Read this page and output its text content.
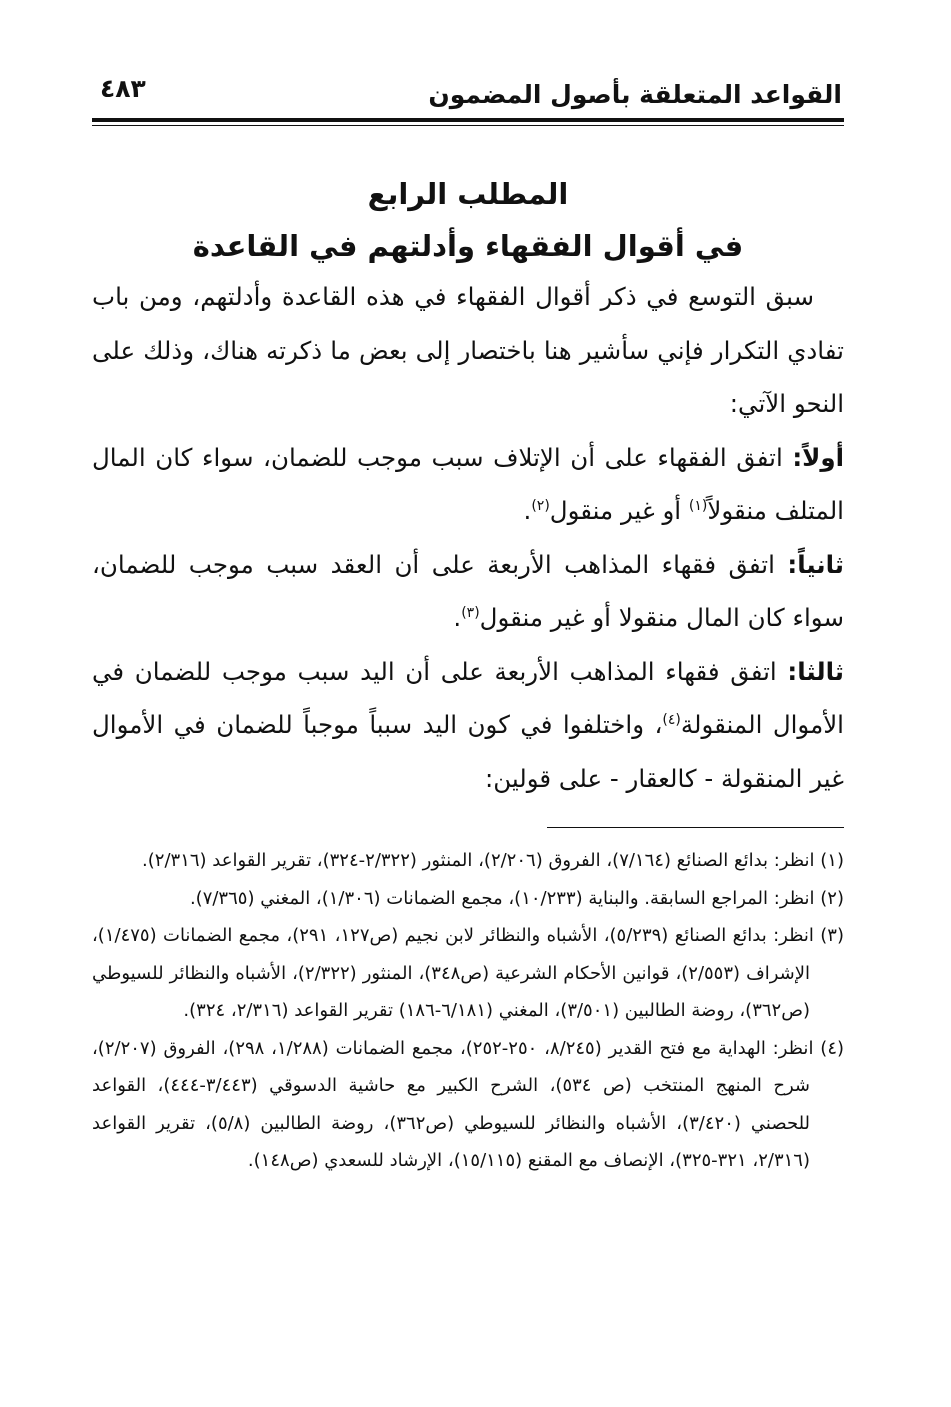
القواعد المتعلقة بأصول المضمون
٤٨٣
المطلب الرابع
في أقوال الفقهاء وأدلتهم في القاعدة

سبق التوسع في ذكر أقوال الفقهاء في هذه القاعدة وأدلتهم، ومن باب تفادي التكرار فإني سأشير هنا باختصار إلى بعض ما ذكرته هناك، وذلك على النحو الآتي:

أولاً: اتفق الفقهاء على أن الإتلاف سبب موجب للضمان، سواء كان المال المتلف منقولاً$^{(١)}$ أو غير منقول$^{(٢)}$.

ثانياً: اتفق فقهاء المذاهب الأربعة على أن العقد سبب موجب للضمان، سواء كان المال منقولا أو غير منقول$^{(٣)}$.

ثالثا: اتفق فقهاء المذاهب الأربعة على أن اليد سبب موجب للضمان في الأموال المنقولة$^{(٤)}$، واختلفوا في كون اليد سبباً موجباً للضمان في الأموال غير المنقولة - كالعقار - على قولين:

(١) انظر: بدائع الصنائع (٧/١٦٤)، الفروق (٢/٢٠٦)، المنثور (٢/٣٢٢-٣٢٤)، تقرير القواعد (٢/٣١٦).

(٢) انظر: المراجع السابقة. والبناية (١٠/٢٣٣)، مجمع الضمانات (١/٣٠٦)، المغني (٧/٣٦٥).

(٣) انظر: بدائع الصنائع (٥/٢٣٩)، الأشباه والنظائر لابن نجيم (ص١٢٧، ٢٩١)، مجمع الضمانات (١/٤٧٥)، الإشراف (٢/٥٥٣)، قوانين الأحكام الشرعية (ص٣٤٨)، المنثور (٢/٣٢٢)، الأشباه والنظائر للسيوطي (ص٣٦٢)، روضة الطالبين (٣/٥٠١)، المغني (٦/١٨١-١٨٦) تقرير القواعد (٢/٣١٦، ٣٢٤).

(٤) انظر: الهداية مع فتح القدير (٨/٢٤٥، ٢٥٠-٢٥٢)، مجمع الضمانات (١/٢٨٨، ٢٩٨)، الفروق (٢/٢٠٧)، شرح المنهج المنتخب (ص ٥٣٤)، الشرح الكبير مع حاشية الدسوقي (٣/٤٤٣-٤٤٤)، القواعد للحصني (٣/٤٢٠)، الأشباه والنظائر للسيوطي (ص٣٦٢)، روضة الطالبين (٥/٨)، تقرير القواعد (٢/٣١٦، ٣٢١-٣٢٥)، الإنصاف مع المقنع (١٥/١١٥)، الإرشاد للسعدي (ص١٤٨).
